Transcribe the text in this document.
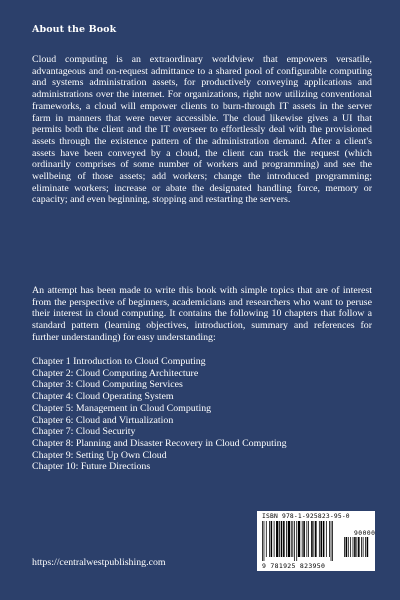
About the Book

Cloud computing is an extraordinary worldview that empowers versatile, advantageous and on-request admittance to a shared pool of configurable computing and systems administration assets, for productively conveying applications and administrations over the internet. For organizations, right now utilizing conventional frameworks, a cloud will empower clients to burn-through IT assets in the server farm in manners that were never accessible. The cloud likewise gives a UI that permits both the client and the IT overseer to effortlessly deal with the provisioned assets through the existence pattern of the administration demand. After a client's assets have been conveyed by a cloud, the client can track the request (which ordinarily comprises of some number of workers and programming) and see the wellbeing of those assets; add workers; change the introduced programming; eliminate workers; increase or abate the designated handling force, memory or capacity; and even beginning, stopping and restarting the servers.

An attempt has been made to write this book with simple topics that are of interest from the perspective of beginners, academicians and researchers who want to peruse their interest in cloud computing. It contains the following 10 chapters that follow a standard pattern (learning objectives, introduction, summary and references for further understanding) for easy understanding:

Chapter 1 Introduction to Cloud Computing
Chapter 2: Cloud Computing Architecture
Chapter 3: Cloud Computing Services
Chapter 4: Cloud Operating System
Chapter 5: Management in Cloud Computing
Chapter 6: Cloud and Virtualization
Chapter 7: Cloud Security
Chapter 8: Planning and Disaster Recovery in Cloud Computing
Chapter 9: Setting Up Own Cloud
Chapter 10: Future Directions
https://centralwestpublishing.com
ISBN 978-1-925823-95-0
90000
9 781925 823950
